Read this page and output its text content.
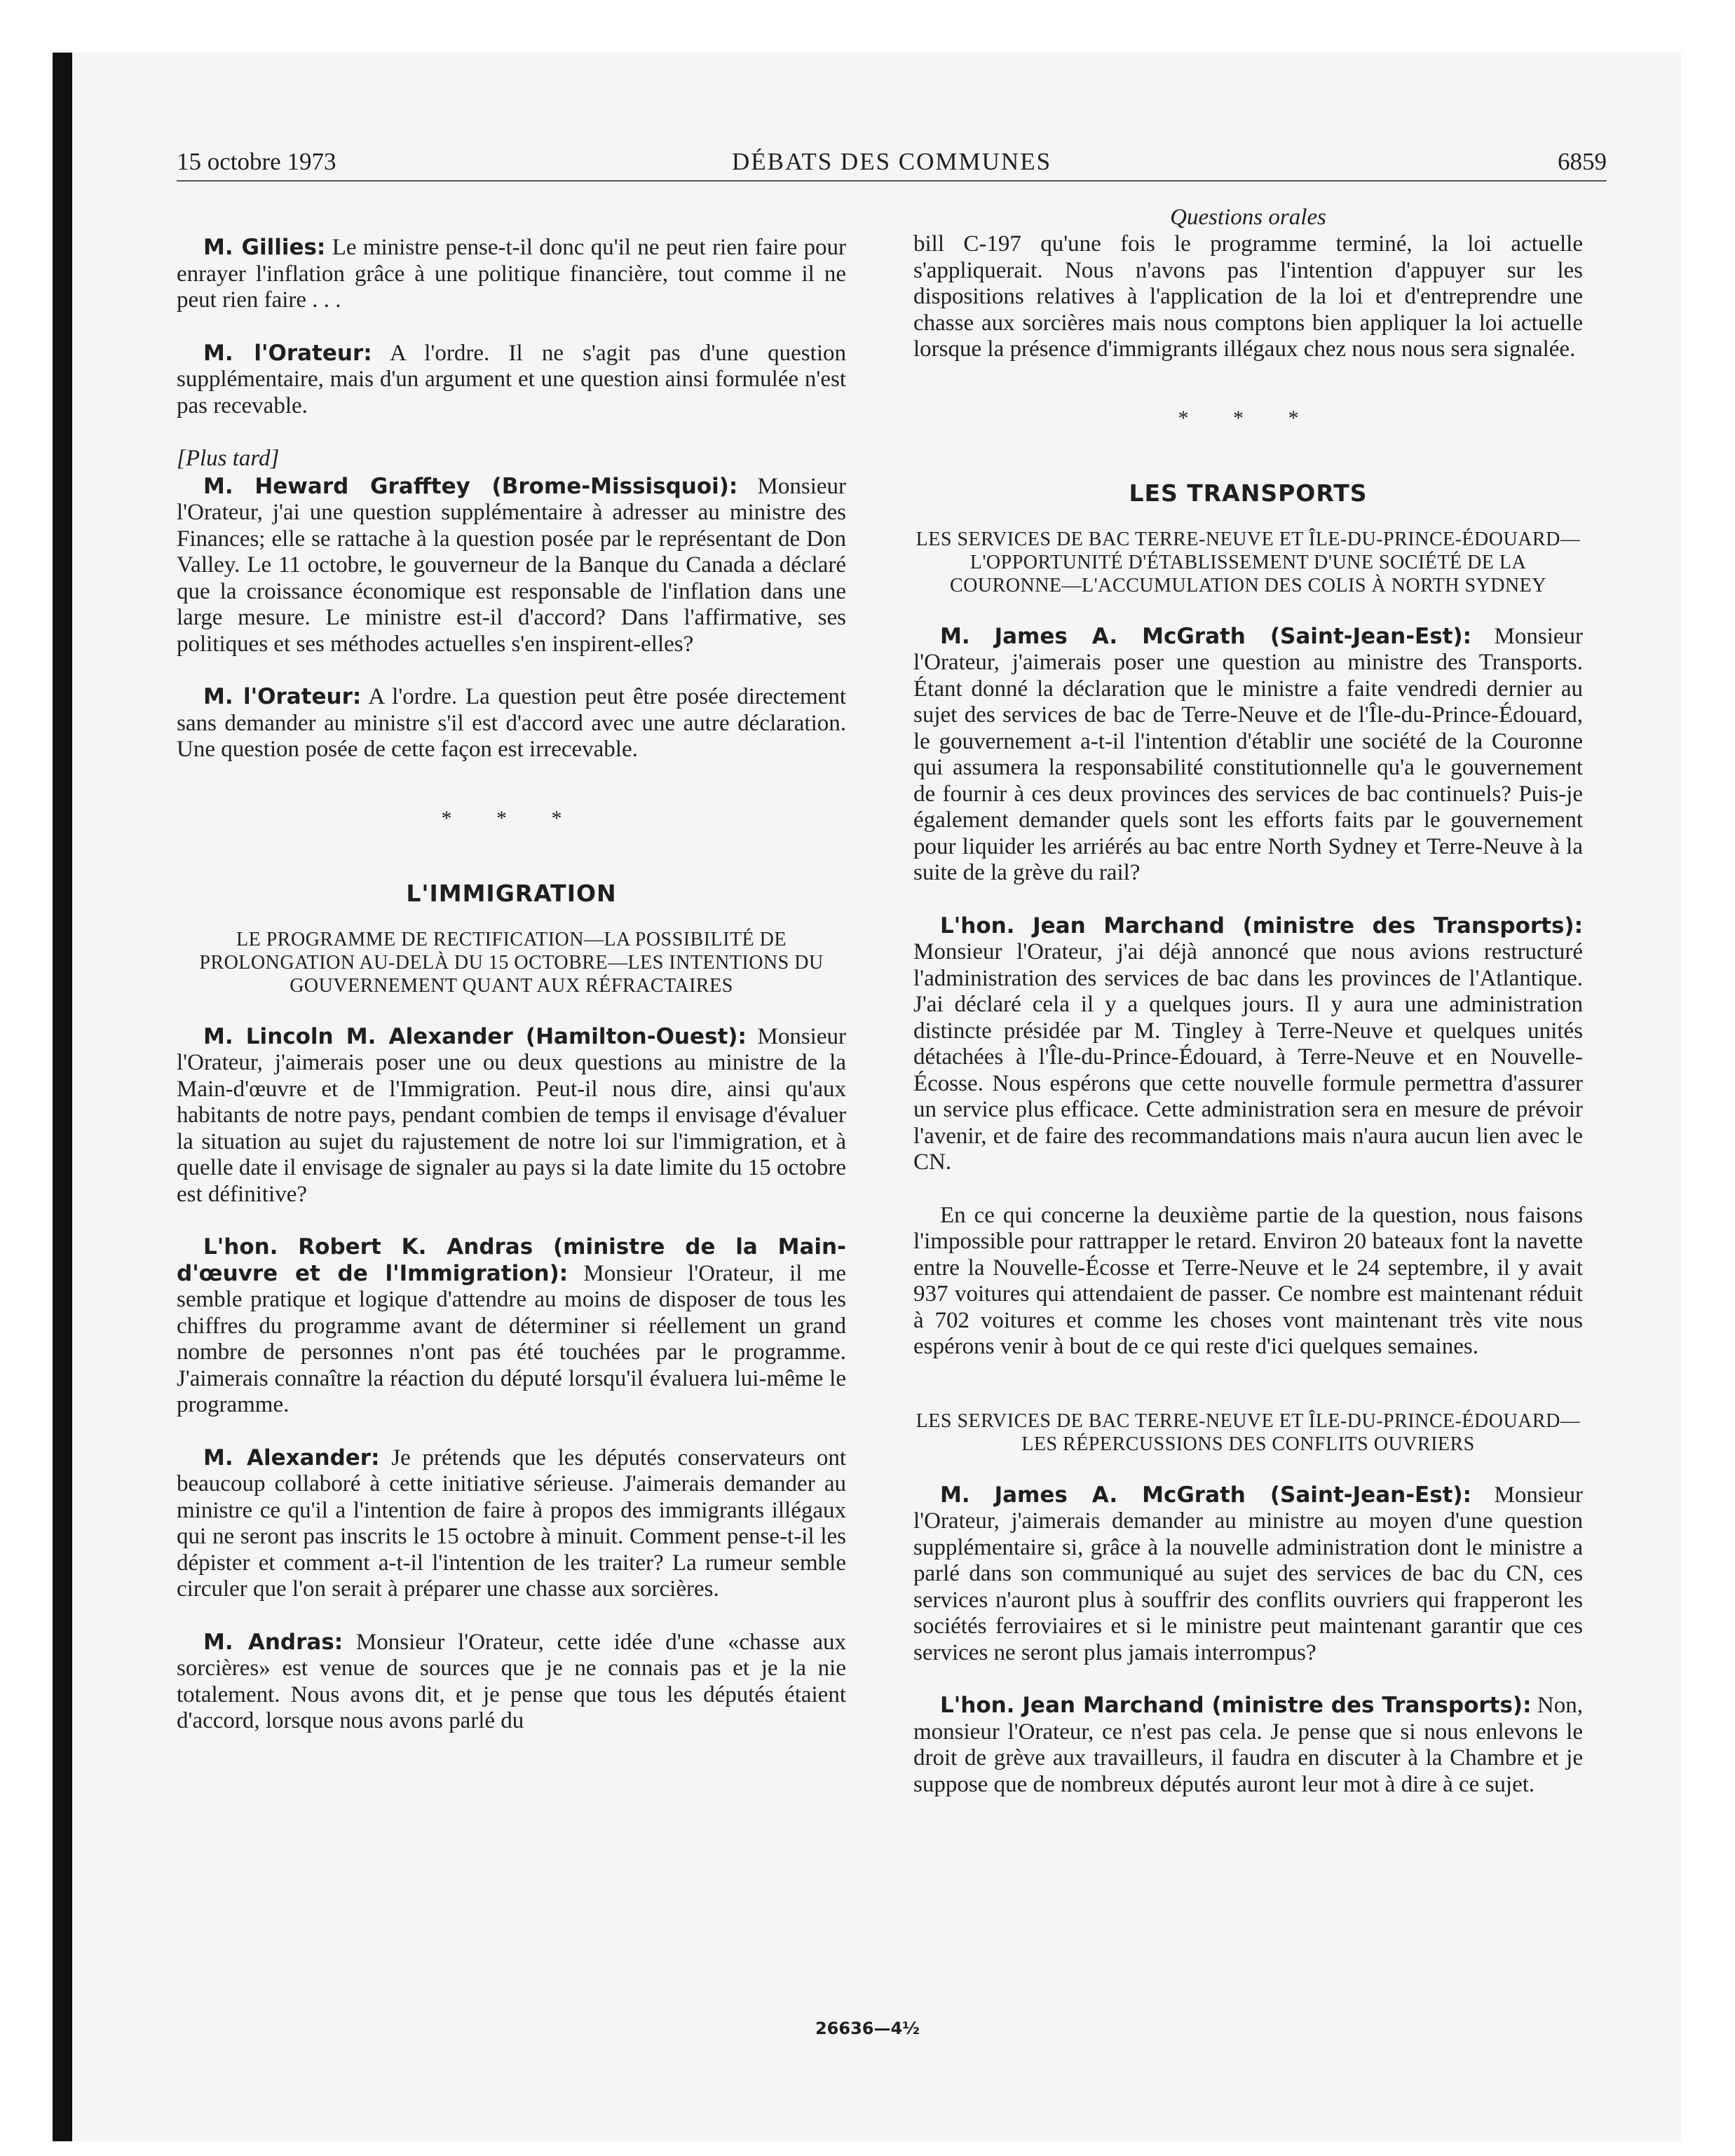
15 octobre 1973	DÉBATS DES COMMUNES	6859

M. Gillies: Le ministre pense-t-il donc qu'il ne peut rien faire pour enrayer l'inflation grâce à une politique financière, tout comme il ne peut rien faire . . .

M. l'Orateur: A l'ordre. Il ne s'agit pas d'une question supplémentaire, mais d'un argument et une question ainsi formulée n'est pas recevable.

[Plus tard]

M. Heward Grafftey (Brome-Missisquoi): Monsieur l'Orateur, j'ai une question supplémentaire à adresser au ministre des Finances; elle se rattache à la question posée par le représentant de Don Valley. Le 11 octobre, le gouverneur de la Banque du Canada a déclaré que la croissance économique est responsable de l'inflation dans une large mesure. Le ministre est-il d'accord? Dans l'affirmative, ses politiques et ses méthodes actuelles s'en inspirent-elles?

M. l'Orateur: A l'ordre. La question peut être posée directement sans demander au ministre s'il est d'accord avec une autre déclaration. Une question posée de cette façon est irrecevable.

* * *
L'IMMIGRATION
LE PROGRAMME DE RECTIFICATION—LA POSSIBILITÉ DE PROLONGATION AU-DELÀ DU 15 OCTOBRE—LES INTENTIONS DU GOUVERNEMENT QUANT AUX RÉFRACTAIRES

M. Lincoln M. Alexander (Hamilton-Ouest): Monsieur l'Orateur, j'aimerais poser une ou deux questions au ministre de la Main-d'œuvre et de l'Immigration. Peut-il nous dire, ainsi qu'aux habitants de notre pays, pendant combien de temps il envisage d'évaluer la situation au sujet du rajustement de notre loi sur l'immigration, et à quelle date il envisage de signaler au pays si la date limite du 15 octobre est définitive?

L'hon. Robert K. Andras (ministre de la Main-d'œuvre et de l'Immigration): Monsieur l'Orateur, il me semble pratique et logique d'attendre au moins de disposer de tous les chiffres du programme avant de déterminer si réellement un grand nombre de personnes n'ont pas été touchées par le programme. J'aimerais connaître la réaction du député lorsqu'il évaluera lui-même le programme.

M. Alexander: Je prétends que les députés conservateurs ont beaucoup collaboré à cette initiative sérieuse. J'aimerais demander au ministre ce qu'il a l'intention de faire à propos des immigrants illégaux qui ne seront pas inscrits le 15 octobre à minuit. Comment pense-t-il les dépister et comment a-t-il l'intention de les traiter? La rumeur semble circuler que l'on serait à préparer une chasse aux sorcières.

M. Andras: Monsieur l'Orateur, cette idée d'une «chasse aux sorcières» est venue de sources que je ne connais pas et je la nie totalement. Nous avons dit, et je pense que tous les députés étaient d'accord, lorsque nous avons parlé du

Questions orales

bill C-197 qu'une fois le programme terminé, la loi actuelle s'appliquerait. Nous n'avons pas l'intention d'appuyer sur les dispositions relatives à l'application de la loi et d'entreprendre une chasse aux sorcières mais nous comptons bien appliquer la loi actuelle lorsque la présence d'immigrants illégaux chez nous nous sera signalée.

* * *
LES TRANSPORTS
LES SERVICES DE BAC TERRE-NEUVE ET ÎLE-DU-PRINCE-ÉDOUARD—L'OPPORTUNITÉ D'ÉTABLISSEMENT D'UNE SOCIÉTÉ DE LA COURONNE—L'ACCUMULATION DES COLIS À NORTH SYDNEY

M. James A. McGrath (Saint-Jean-Est): Monsieur l'Orateur, j'aimerais poser une question au ministre des Transports. Étant donné la déclaration que le ministre a faite vendredi dernier au sujet des services de bac de Terre-Neuve et de l'Île-du-Prince-Édouard, le gouvernement a-t-il l'intention d'établir une société de la Couronne qui assumera la responsabilité constitutionnelle qu'a le gouvernement de fournir à ces deux provinces des services de bac continuels? Puis-je également demander quels sont les efforts faits par le gouvernement pour liquider les arriérés au bac entre North Sydney et Terre-Neuve à la suite de la grève du rail?

L'hon. Jean Marchand (ministre des Transports): Monsieur l'Orateur, j'ai déjà annoncé que nous avions restructuré l'administration des services de bac dans les provinces de l'Atlantique. J'ai déclaré cela il y a quelques jours. Il y aura une administration distincte présidée par M. Tingley à Terre-Neuve et quelques unités détachées à l'Île-du-Prince-Édouard, à Terre-Neuve et en Nouvelle-Écosse. Nous espérons que cette nouvelle formule permettra d'assurer un service plus efficace. Cette administration sera en mesure de prévoir l'avenir, et de faire des recommandations mais n'aura aucun lien avec le CN.

En ce qui concerne la deuxième partie de la question, nous faisons l'impossible pour rattrapper le retard. Environ 20 bateaux font la navette entre la Nouvelle-Écosse et Terre-Neuve et le 24 septembre, il y avait 937 voitures qui attendaient de passer. Ce nombre est maintenant réduit à 702 voitures et comme les choses vont maintenant très vite nous espérons venir à bout de ce qui reste d'ici quelques semaines.

LES SERVICES DE BAC TERRE-NEUVE ET ÎLE-DU-PRINCE-ÉDOUARD—LES RÉPERCUSSIONS DES CONFLITS OUVRIERS

M. James A. McGrath (Saint-Jean-Est): Monsieur l'Orateur, j'aimerais demander au ministre au moyen d'une question supplémentaire si, grâce à la nouvelle administration dont le ministre a parlé dans son communiqué au sujet des services de bac du CN, ces services n'auront plus à souffrir des conflits ouvriers qui frapperont les sociétés ferroviaires et si le ministre peut maintenant garantir que ces services ne seront plus jamais interrompus?

L'hon. Jean Marchand (ministre des Transports): Non, monsieur l'Orateur, ce n'est pas cela. Je pense que si nous enlevons le droit de grève aux travailleurs, il faudra en discuter à la Chambre et je suppose que de nombreux députés auront leur mot à dire à ce sujet.

26636—4½
